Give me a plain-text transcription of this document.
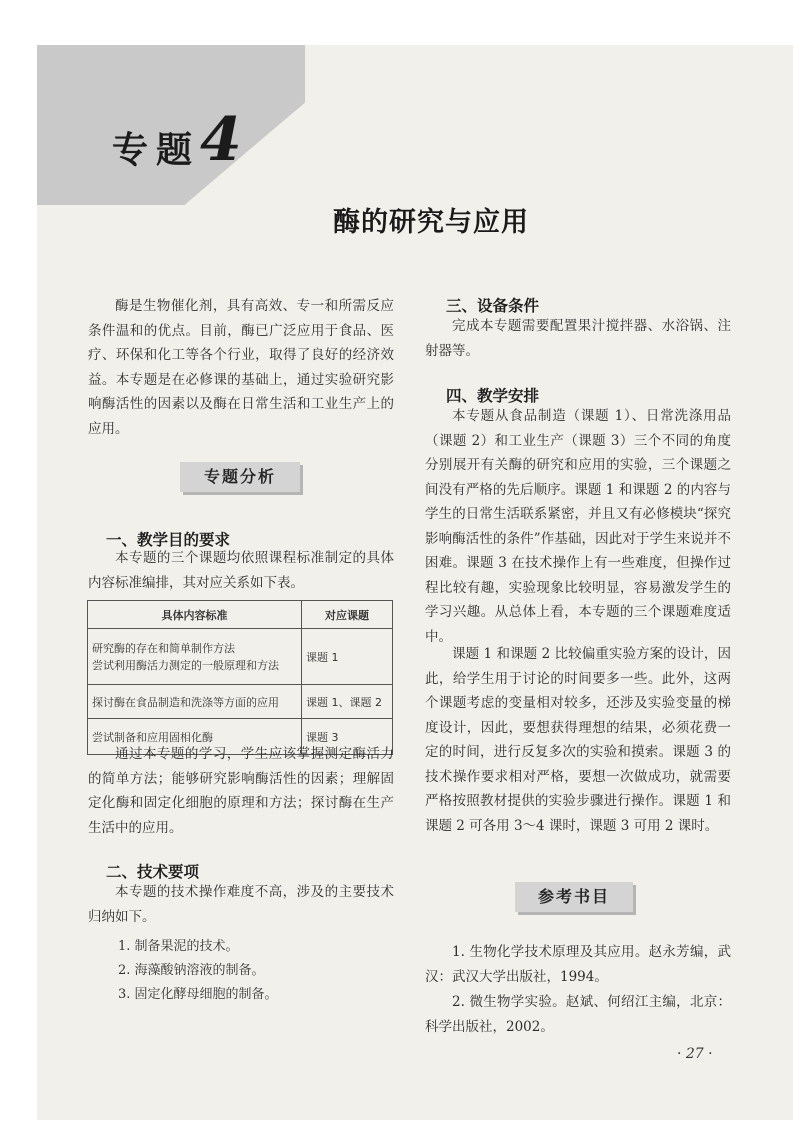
专题 4
酶的研究与应用

酶是生物催化剂，具有高效、专一和所需反应条件温和的优点。目前，酶已广泛应用于食品、医疗、环保和化工等各个行业，取得了良好的经济效益。本专题是在必修课的基础上，通过实验研究影响酶活性的因素以及酶在日常生活和工业生产上的应用。

专题分析
一、教学目的要求

本专题的三个课题均依照课程标准制定的具体内容标准编排，其对应关系如下表。

具体内容标准	对应课题

研究酶的存在和简单制作方法
尝试利用酶活力测定的一般原理和方法	课题 1
探讨酶在食品制造和洗涤等方面的应用	课题 1、课题 2
尝试制备和应用固相化酶	课题 3

通过本专题的学习，学生应该掌握测定酶活力的简单方法；能够研究影响酶活性的因素；理解固定化酶和固定化细胞的原理和方法；探讨酶在生产生活中的应用。

二、技术要项

本专题的技术操作难度不高，涉及的主要技术归纳如下。

1. 制备果泥的技术。
2. 海藻酸钠溶液的制备。
3. 固定化酵母细胞的制备。
三、设备条件

完成本专题需要配置果汁搅拌器、水浴锅、注射器等。

四、教学安排

本专题从食品制造（课题 1）、日常洗涤用品（课题 2）和工业生产（课题 3）三个不同的角度分别展开有关酶的研究和应用的实验，三个课题之间没有严格的先后顺序。课题 1 和课题 2 的内容与学生的日常生活联系紧密，并且又有必修模块“探究影响酶活性的条件”作基础，因此对于学生来说并不困难。课题 3 在技术操作上有一些难度，但操作过程比较有趣，实验现象比较明显，容易激发学生的学习兴趣。从总体上看，本专题的三个课题难度适中。

课题 1 和课题 2 比较偏重实验方案的设计，因此，给学生用于讨论的时间要多一些。此外，这两个课题考虑的变量相对较多，还涉及实验变量的梯度设计，因此，要想获得理想的结果，必须花费一定的时间，进行反复多次的实验和摸索。课题 3 的技术操作要求相对严格，要想一次做成功，就需要严格按照教材提供的实验步骤进行操作。课题 1 和课题 2 可各用 3～4 课时，课题 3 可用 2 课时。

参考书目

1. 生物化学技术原理及其应用。赵永芳编，武汉：武汉大学出版社，1994。

2. 微生物学实验。赵斌、何绍江主编，北京：科学出版社，2002。

· 27 ·
